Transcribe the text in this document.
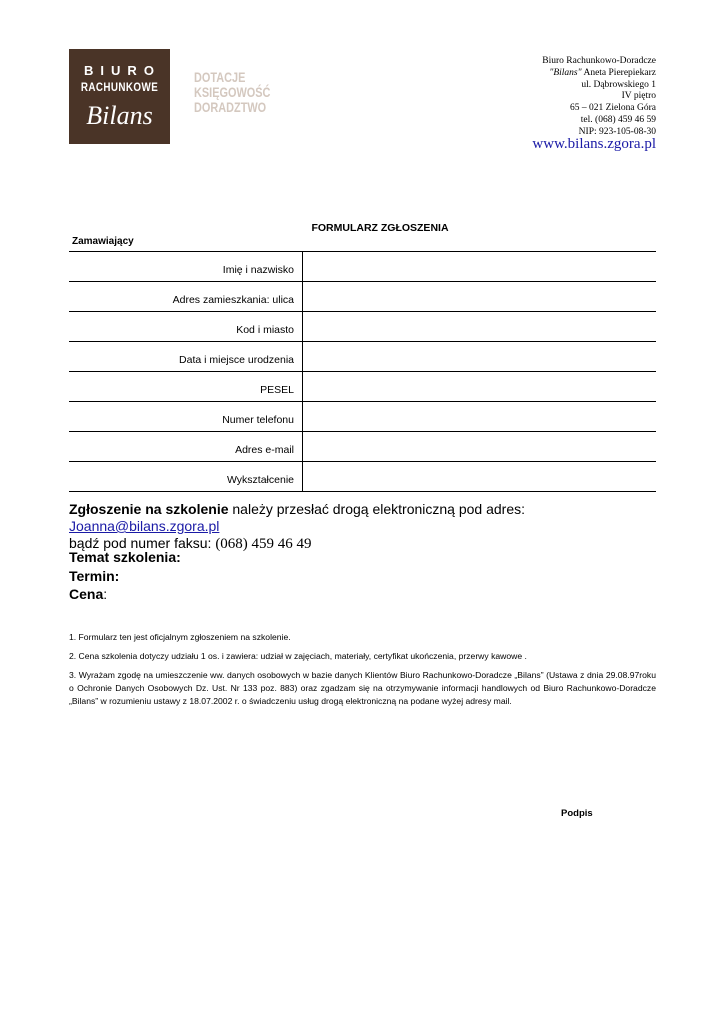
BIURO
RACHUNKOWE
Bilans
DOTACJE
KSIĘGOWOŚĆ
DORADZTWO
Biuro Rachunkowo-Doradcze
"Bilans" Aneta Pierepiekarz
ul. Dąbrowskiego 1
IV piętro
65 – 021 Zielona Góra
tel. (068) 459 46 59
NIP: 923-105-08-30
www.bilans.zgora.pl
FORMULARZ ZGŁOSZENIA
Zamawiający
Imię i nazwisko
Adres zamieszkania: ulica
Kod i miasto
Data i miejsce urodzenia
PESEL
Numer telefonu
Adres e-mail
Wykształcenie
Zgłoszenie na szkolenie należy przesłać drogą elektroniczną pod adres: Joanna@bilans.zgora.pl
bądź pod numer faksu: (068) 459 46 49
Temat szkolenia:
Termin:
Cena:

1. Formularz ten jest oficjalnym zgłoszeniem na szkolenie.

2. Cena szkolenia dotyczy udziału 1 os. i zawiera: udział w zajęciach, materiały, certyfikat ukończenia, przerwy kawowe .

3. Wyrażam zgodę na umieszczenie ww. danych osobowych w bazie danych Klientów Biuro Rachunkowo-Doradcze „Bilans” (Ustawa z dnia 29.08.97roku o Ochronie Danych Osobowych Dz. Ust. Nr 133 poz. 883) oraz zgadzam się na otrzymywanie informacji handlowych od Biuro Rachunkowo-Doradcze „Bilans” w rozumieniu ustawy z 18.07.2002 r. o świadczeniu usług drogą elektroniczną na podane wyżej adresy mail.

Podpis
